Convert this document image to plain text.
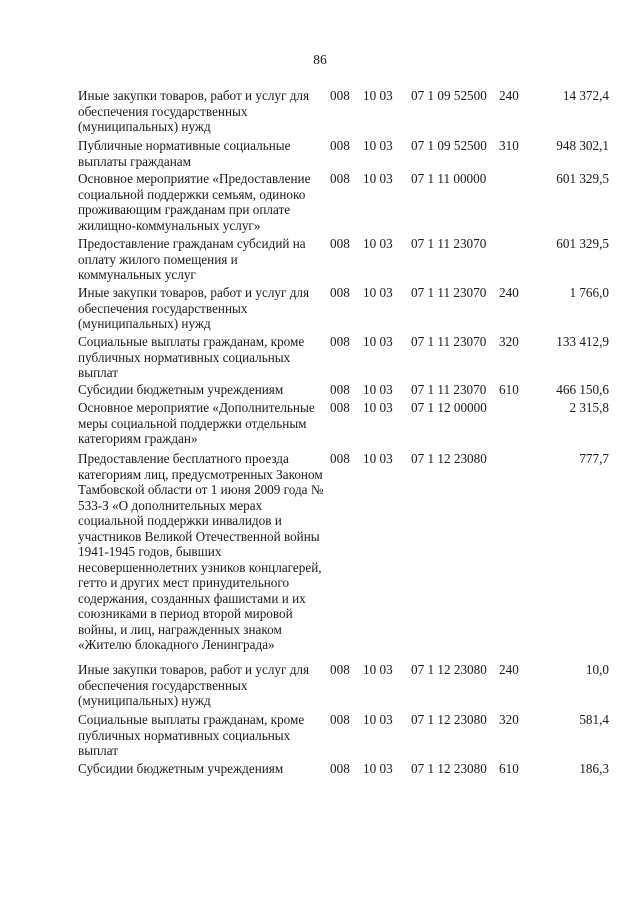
86
Иные закупки товаров, работ и услуг для обеспечения государственных (муниципальных) нужд
008 10 03 07 1 09 52500 240	14 372,4
Публичные нормативные социальные выплаты гражданам
008 10 03 07 1 09 52500 310	948 302,1
Основное мероприятие «Предоставление социальной поддержки семьям, одиноко проживающим гражданам при оплате жилищно-коммунальных услуг»
008 10 03 07 1 11 00000	601 329,5
Предоставление гражданам субсидий на оплату жилого помещения и коммунальных услуг
008 10 03 07 1 11 23070	601 329,5
Иные закупки товаров, работ и услуг для обеспечения государственных (муниципальных) нужд
008 10 03 07 1 11 23070 240	1 766,0
Социальные выплаты гражданам, кроме публичных нормативных социальных выплат
008 10 03 07 1 11 23070 320	133 412,9
Субсидии бюджетным учреждениям	008 10 03 07 1 11 23070 610	466 150,6
Основное мероприятие «Дополнительные меры социальной поддержки отдельным категориям граждан»
008 10 03 07 1 12 00000	2 315,8
Предоставление бесплатного проезда категориям лиц, предусмотренных Законом Тамбовской области от 1 июня 2009 года № 533-З «О дополнительных мерах социальной поддержки инвалидов и участников Великой Отечественной войны 1941-1945 годов, бывших несовершеннолетних узников концлагерей, гетто и других мест принудительного содержания, созданных фашистами и их союзниками в период второй мировой войны, и лиц, награжденных знаком «Жителю блокадного Ленинграда»
008 10 03 07 1 12 23080	777,7
Иные закупки товаров, работ и услуг для обеспечения государственных (муниципальных) нужд
008 10 03 07 1 12 23080 240	10,0
Социальные выплаты гражданам, кроме публичных нормативных социальных выплат
008 10 03 07 1 12 23080 320	581,4
Субсидии бюджетным учреждениям	008 10 03 07 1 12 23080 610	186,3
